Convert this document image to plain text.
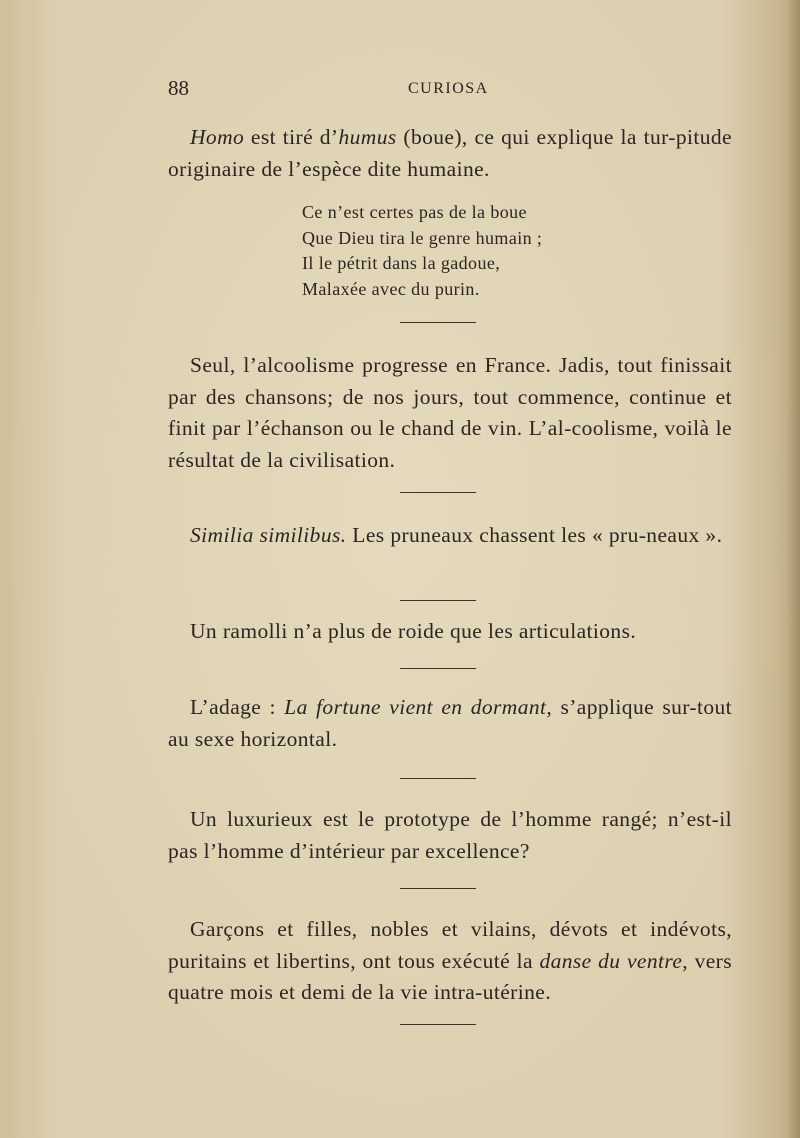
88	CURIOSA

Homo est tiré d’humus (boue), ce qui explique la tur-pitude originaire de l’espèce dite humaine.

Ce n’est certes pas de la boue
Que Dieu tira le genre humain ;
Il le pétrit dans la gadoue,
Malaxée avec du purin.

Seul, l’alcoolisme progresse en France. Jadis, tout finissait par des chansons; de nos jours, tout commence, continue et finit par l’échanson ou le chand de vin. L’al-coolisme, voilà le résultat de la civilisation.

Similia similibus. Les pruneaux chassent les « pru-neaux ».

Un ramolli n’a plus de roide que les articulations.

L’adage : La fortune vient en dormant, s’applique sur-tout au sexe horizontal.

Un luxurieux est le prototype de l’homme rangé; n’est-il pas l’homme d’intérieur par excellence?

Garçons et filles, nobles et vilains, dévots et indévots, puritains et libertins, ont tous exécuté la danse du ventre, vers quatre mois et demi de la vie intra-utérine.
